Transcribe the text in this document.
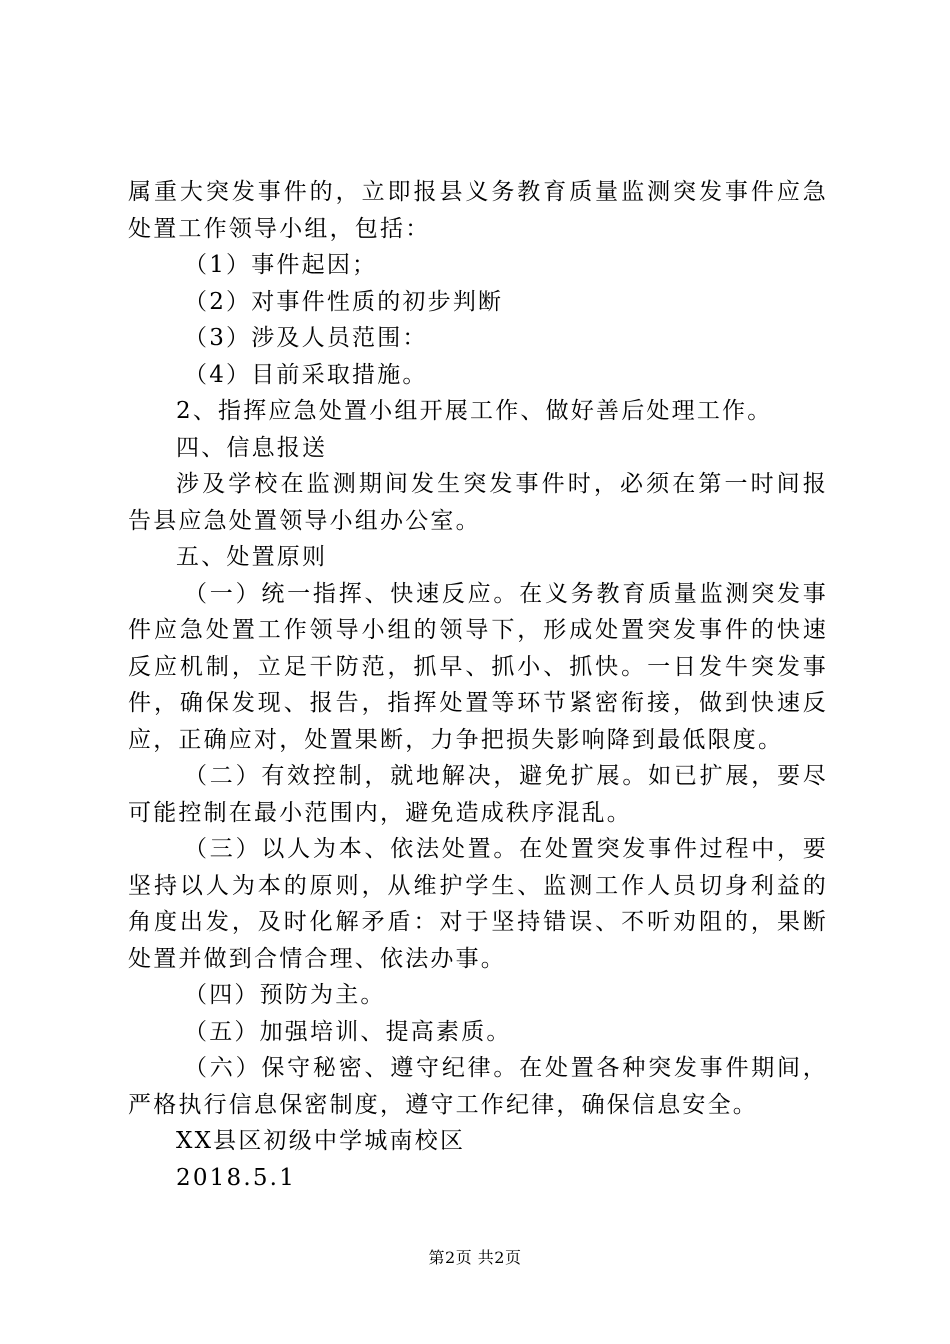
属重大突发事件的，立即报县义务教育质量监测突发事件应急处置工作领导小组，包括：

（1）事件起因；

（2）对事件性质的初步判断

（3）涉及人员范围：

（4）目前采取措施。

2、指挥应急处置小组开展工作、做好善后处理工作。

四、信息报送

涉及学校在监测期间发生突发事件时，必须在第一时间报告县应急处置领导小组办公室。

五、处置原则

（一）统一指挥、快速反应。在义务教育质量监测突发事件应急处置工作领导小组的领导下，形成处置突发事件的快速反应机制，立足干防范，抓早、抓小、抓快。一日发牛突发事件，确保发现、报告，指挥处置等环节紧密衔接，做到快速反应，正确应对，处置果断，力争把损失影响降到最低限度。

（二）有效控制，就地解决，避免扩展。如已扩展，要尽可能控制在最小范围内，避免造成秩序混乱。

（三）以人为本、依法处置。在处置突发事件过程中，要坚持以人为本的原则，从维护学生、监测工作人员切身利益的角度出发，及时化解矛盾：对于坚持错误、不听劝阻的，果断处置并做到合情合理、依法办事。

（四）预防为主。

（五）加强培训、提高素质。

（六）保守秘密、遵守纪律。在处置各种突发事件期间，严格执行信息保密制度，遵守工作纪律，确保信息安全。

XX县区初级中学城南校区

2018.5.1

第2页 共2页
